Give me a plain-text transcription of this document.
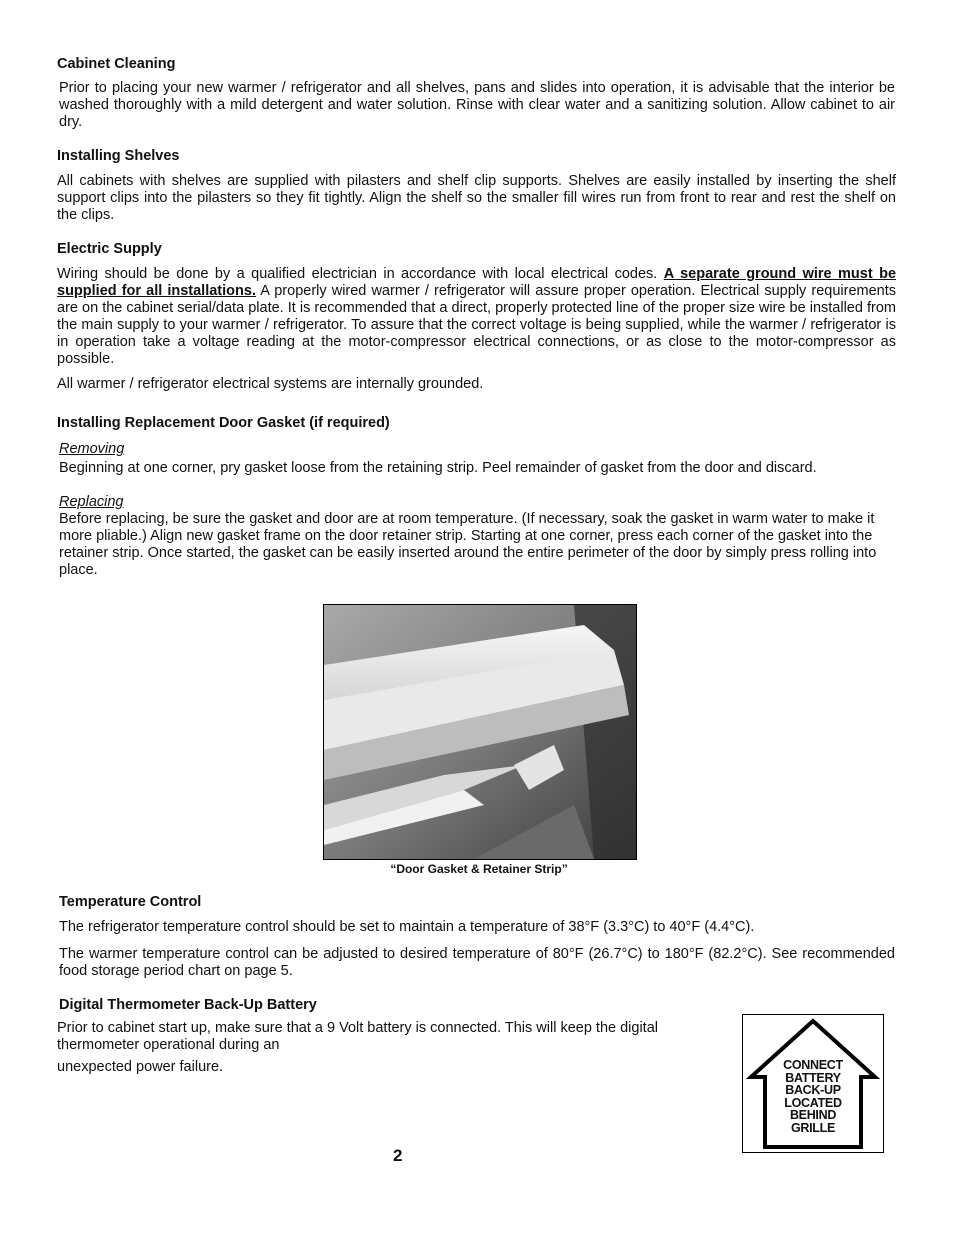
Cabinet Cleaning
Prior to placing your new warmer / refrigerator and all shelves, pans and slides into operation, it is advisable that the interior be washed thoroughly with a mild detergent and water solution. Rinse with clear water and a sanitizing solution. Allow cabinet to air dry.
Installing Shelves
All cabinets with shelves are supplied with pilasters and shelf clip supports. Shelves are easily installed by inserting the shelf support clips into the pilasters so they fit tightly. Align the shelf so the smaller fill wires run from front to rear and rest the shelf on the clips.
Electric Supply
Wiring should be done by a qualified electrician in accordance with local electrical codes. A separate ground wire must be supplied for all installations. A properly wired warmer / refrigerator will assure proper operation. Electrical supply requirements are on the cabinet serial/data plate. It is recommended that a direct, properly protected line of the proper size wire be installed from the main supply to your warmer / refrigerator. To assure that the correct voltage is being supplied, while the warmer / refrigerator is in operation take a voltage reading at the motor-compressor electrical connections, or as close to the motor-compressor as possible.
All warmer / refrigerator electrical systems are internally grounded.
Installing Replacement Door Gasket (if required)
Removing
Beginning at one corner, pry gasket loose from the retaining strip. Peel remainder of gasket from the door and discard.
Replacing
Before replacing, be sure the gasket and door are at room temperature. (If necessary, soak the gasket in warm water to make it more pliable.) Align new gasket frame on the door retainer strip. Starting at one corner, press each corner of the gasket into the retainer strip. Once started, the gasket can be easily inserted around the entire perimeter of the door by simply press rolling into place.
“Door Gasket & Retainer Strip”
Temperature Control
The refrigerator temperature control should be set to maintain a temperature of 38°F (3.3°C) to 40°F (4.4°C).
The warmer temperature control can be adjusted to desired temperature of 80°F (26.7°C) to 180°F (82.2°C). See recommended food storage period chart on page 5.
Digital Thermometer Back-Up Battery
Prior to cabinet start up, make sure that a 9 Volt battery is connected. This will keep the digital thermometer operational during an
unexpected power failure.	CONNECT
BATTERY
BACK-UP
LOCATED
BEHIND
GRILLE
2
